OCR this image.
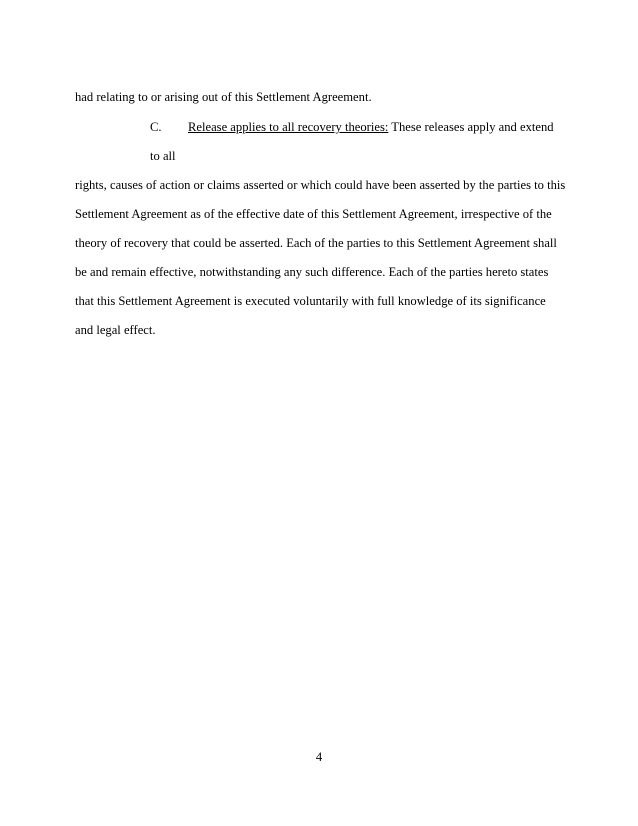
had relating to or arising out of this Settlement Agreement.
C. Release applies to all recovery theories: These releases apply and extend
to all
rights, causes of action or claims asserted or which could have been asserted by the parties to this
Settlement Agreement as of the effective date of this Settlement Agreement, irrespective of the
theory of recovery that could be asserted. Each of the parties to this Settlement Agreement shall
be and remain effective, notwithstanding any such difference. Each of the parties hereto states
that this Settlement Agreement is executed voluntarily with full knowledge of its significance
and legal effect.
4
